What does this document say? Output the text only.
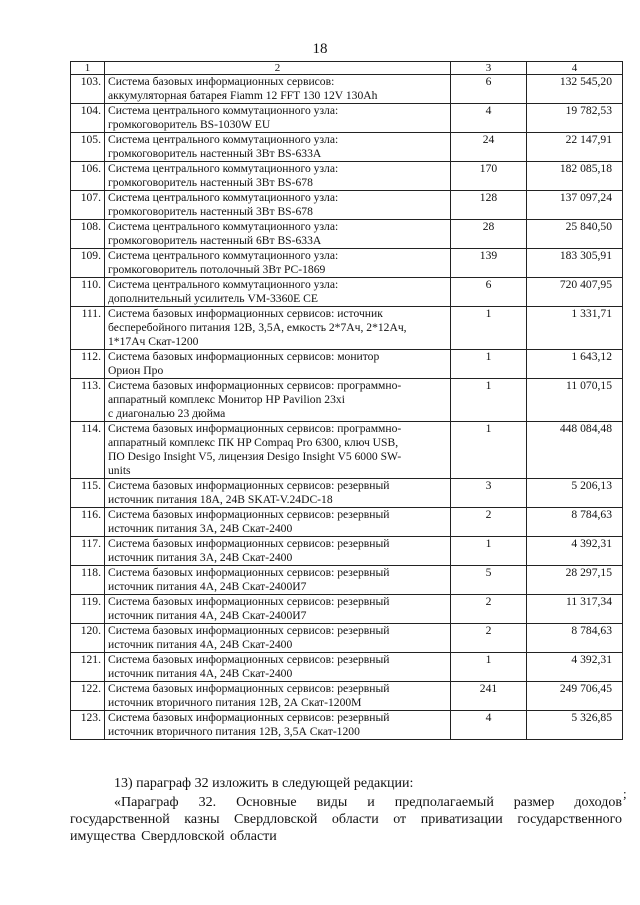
18
1	2	3	4
103.	Система базовых информационных сервисов:
аккумуляторная батарея Fiamm 12 FFT 130 12V 130Ah	6	132 545,20
104.	Система центрального коммутационного узла:
громкоговоритель BS-1030W EU	4	19 782,53
105.	Система центрального коммутационного узла:
громкоговоритель настенный 3Вт BS-633A	24	22 147,91
106.	Система центрального коммутационного узла:
громкоговоритель настенный 3Вт BS-678	170	182 085,18
107.	Система центрального коммутационного узла:
громкоговоритель настенный 3Вт BS-678	128	137 097,24
108.	Система центрального коммутационного узла:
громкоговоритель настенный 6Вт BS-633A	28	25 840,50
109.	Система центрального коммутационного узла:
громкоговоритель потолочный 3Вт PC-1869	139	183 305,91
110.	Система центрального коммутационного узла:
дополнительный усилитель VM-3360E CE	6	720 407,95
111.	Система базовых информационных сервисов: источник
бесперебойного питания 12В, 3,5А, емкость 2*7Ач, 2*12Ач,
1*17Ач Скат-1200	1	1 331,71
112.	Система базовых информационных сервисов: монитор
Орион Про	1	1 643,12
113.	Система базовых информационных сервисов: программно-
аппаратный комплекс Монитор HP Pavilion 23xi
с диагональю 23 дюйма	1	11 070,15
114.	Система базовых информационных сервисов: программно-
аппаратный комплекс ПК HP Compaq Pro 6300, ключ USB,
ПО Desigo Insight V5, лицензия Desigo Insight V5 6000 SW-
units	1	448 084,48
115.	Система базовых информационных сервисов: резервный
источник питания 18А, 24В SKAT-V.24DC-18	3	5 206,13
116.	Система базовых информационных сервисов: резервный
источник питания 3А, 24В Скат-2400	2	8 784,63
117.	Система базовых информационных сервисов: резервный
источник питания 3А, 24В Скат-2400	1	4 392,31
118.	Система базовых информационных сервисов: резервный
источник питания 4А, 24В Скат-2400И7	5	28 297,15
119.	Система базовых информационных сервисов: резервный
источник питания 4А, 24В Скат-2400И7	2	11 317,34
120.	Система базовых информационных сервисов: резервный
источник питания 4А, 24В Скат-2400	2	8 784,63
121.	Система базовых информационных сервисов: резервный
источник питания 4А, 24В Скат-2400	1	4 392,31
122.	Система базовых информационных сервисов: резервный
источник вторичного питания 12В, 2А Скат-1200М	241	249 706,45
123.	Система базовых информационных сервисов: резервный
источник вторичного питания 12В, 3,5А Скат-1200	4	5 326,85
;
13) параграф 32 изложить в следующей редакции:
«Параграф 32. Основные виды и предполагаемый размер доходов государственной казны Свердловской области от приватизации государственного имущества Свердловской области
